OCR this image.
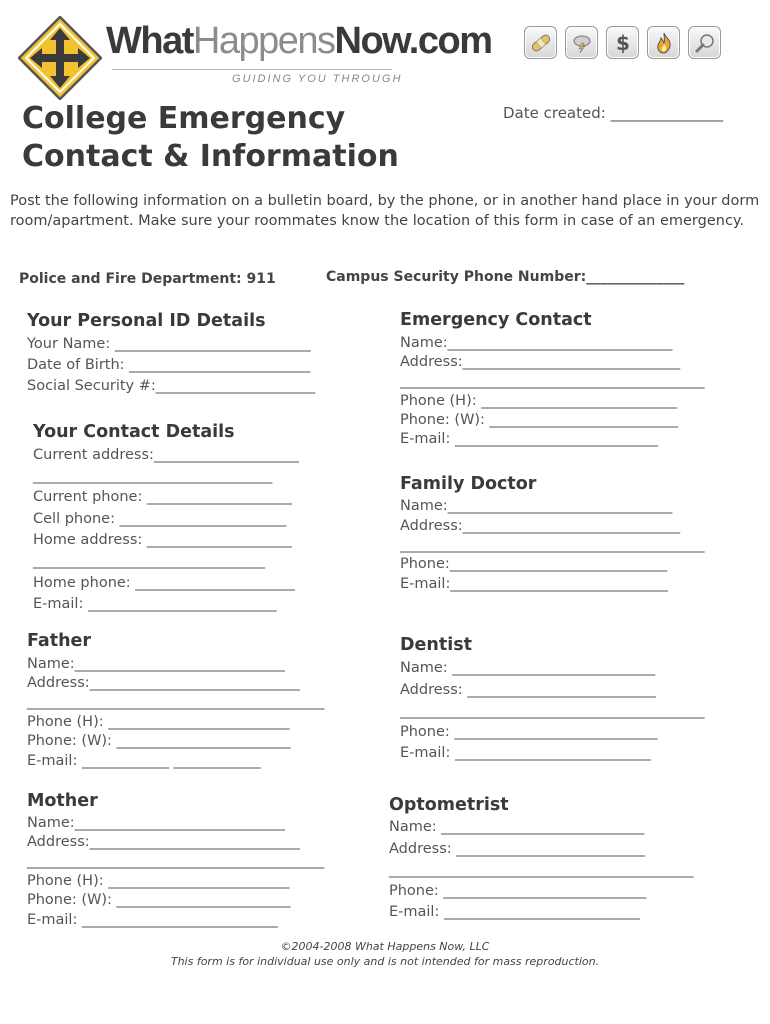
WhatHappensNow.com
GUIDING YOU THROUGH
$
College Emergency
Contact & Information
Date created: _______________
Post the following information on a bulletin board, by the phone, or in another hand place in your dorm room/apartment. Make sure your roommates know the location of this form in case of an emergency.
Police and Fire Department: 911	Campus Security Phone Number:______________
Your Personal ID Details
Your Name: ___________________________
Date of Birth: _________________________
Social Security #:______________________
Your Contact Details
Current address:____________________
_________________________________
Current phone: ____________________
Cell phone: _______________________
Home address: ____________________
________________________________
Home phone: ______________________
E-mail: __________________________
Father
Name:_____________________________
Address:_____________________________
_________________________________________
Phone (H): _________________________
Phone: (W): ________________________
E-mail: ____________ ____________
Mother
Name:_____________________________
Address:_____________________________
_________________________________________
Phone (H): _________________________
Phone: (W): ________________________
E-mail: ___________________________
Emergency Contact
Name:_______________________________
Address:______________________________
__________________________________________
Phone (H): ___________________________
Phone: (W): __________________________
E-mail: ____________________________
Family Doctor
Name:_______________________________
Address:______________________________
__________________________________________
Phone:______________________________
E-mail:______________________________
Dentist
Name: ____________________________
Address: __________________________
__________________________________________
Phone: ____________________________
E-mail: ___________________________
Optometrist
Name: ____________________________
Address: __________________________
__________________________________________
Phone: ____________________________
E-mail: ___________________________
©2004-2008 What Happens Now, LLC
This form is for individual use only and is not intended for mass reproduction.
